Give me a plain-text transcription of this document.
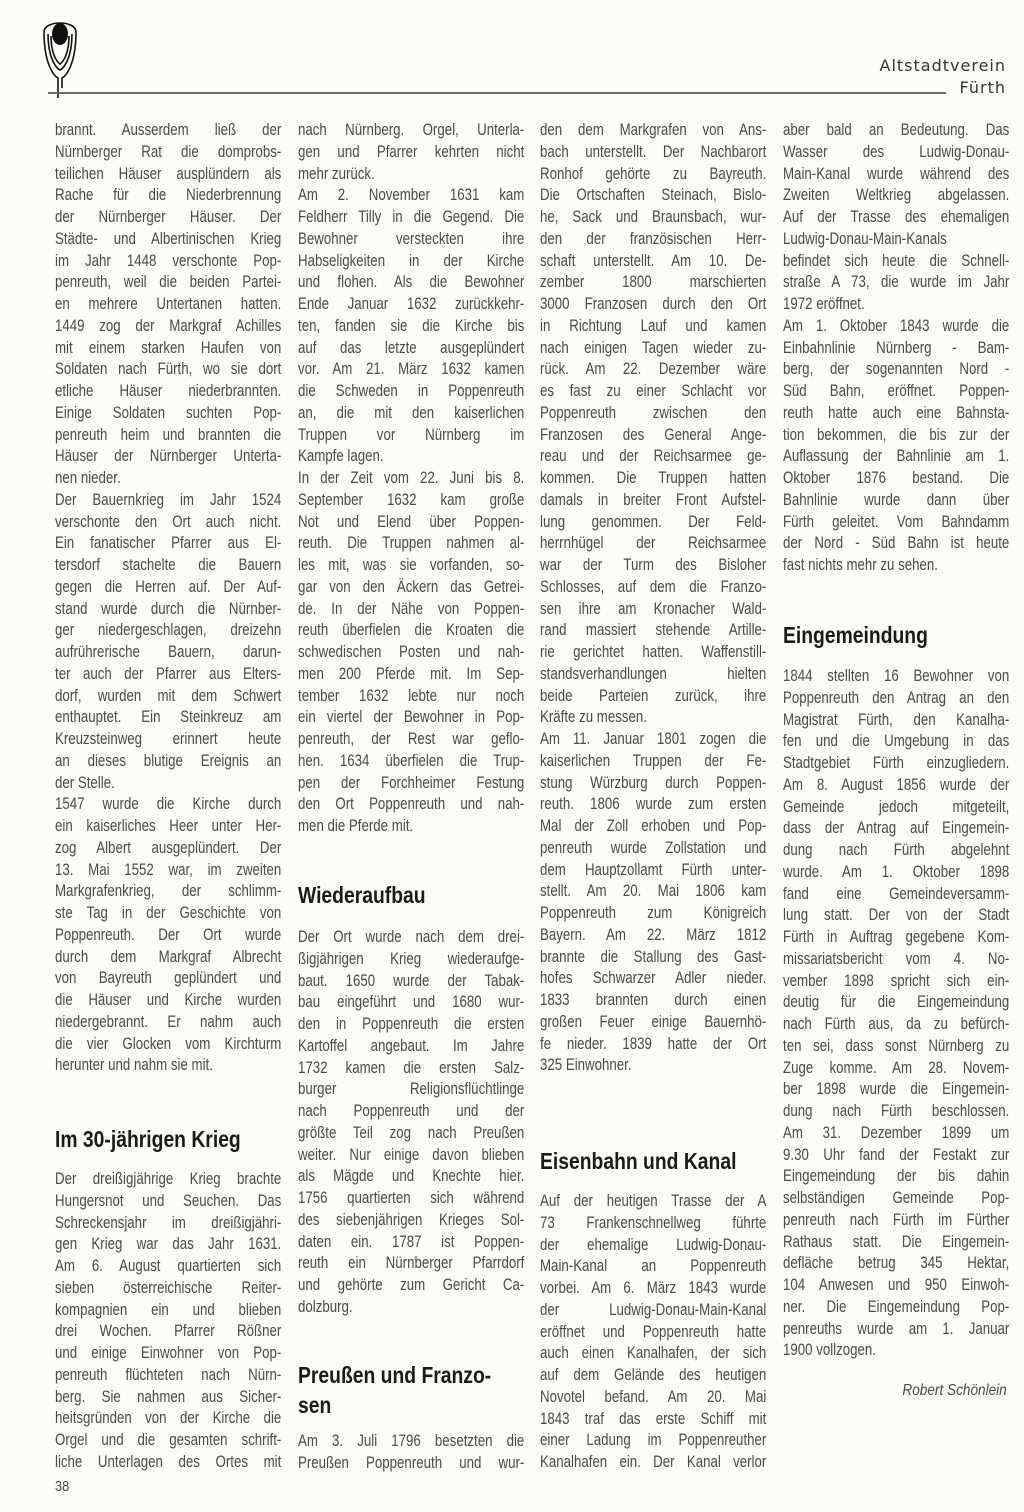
Altstadtverein
Fürth
brannt. Ausserdem ließ der
Nürnberger Rat die domprobs-
teilichen Häuser ausplündern als
Rache für die Niederbrennung
der Nürnberger Häuser. Der
Städte- und Albertinischen Krieg
im Jahr 1448 verschonte Pop-
penreuth, weil die beiden Partei-
en mehrere Untertanen hatten.
1449 zog der Markgraf Achilles
mit einem starken Haufen von
Soldaten nach Fürth, wo sie dort
etliche Häuser niederbrannten.
Einige Soldaten suchten Pop-
penreuth heim und brannten die
Häuser der Nürnberger Unterta-
nen nieder.
Der Bauernkrieg im Jahr 1524
verschonte den Ort auch nicht.
Ein fanatischer Pfarrer aus El-
tersdorf stachelte die Bauern
gegen die Herren auf. Der Auf-
stand wurde durch die Nürnber-
ger niedergeschlagen, dreizehn
aufrührerische Bauern, darun-
ter auch der Pfarrer aus Elters-
dorf, wurden mit dem Schwert
enthauptet. Ein Steinkreuz am
Kreuzsteinweg erinnert heute
an dieses blutige Ereignis an
der Stelle.
1547 wurde die Kirche durch
ein kaiserliches Heer unter Her-
zog Albert ausgeplündert. Der
13. Mai 1552 war, im zweiten
Markgrafenkrieg, der schlimm-
ste Tag in der Geschichte von
Poppenreuth. Der Ort wurde
durch dem Markgraf Albrecht
von Bayreuth geplündert und
die Häuser und Kirche wurden
niedergebrannt. Er nahm auch
die vier Glocken vom Kirchturm
herunter und nahm sie mit.
Im 30-jährigen Krieg
Der dreißigjährige Krieg brachte
Hungersnot und Seuchen. Das
Schreckensjahr im dreißigjähri-
gen Krieg war das Jahr 1631.
Am 6. August quartierten sich
sieben österreichische Reiter-
kompagnien ein und blieben
drei Wochen. Pfarrer Rößner
und einige Einwohner von Pop-
penreuth flüchteten nach Nürn-
berg. Sie nahmen aus Sicher-
heitsgründen von der Kirche die
Orgel und die gesamten schrift-
liche Unterlagen des Ortes mit
nach Nürnberg. Orgel, Unterla-
gen und Pfarrer kehrten nicht
mehr zurück.
Am 2. November 1631 kam
Feldherr Tilly in die Gegend. Die
Bewohner versteckten ihre
Habseligkeiten in der Kirche
und flohen. Als die Bewohner
Ende Januar 1632 zurückkehr-
ten, fanden sie die Kirche bis
auf das letzte ausgeplündert
vor. Am 21. März 1632 kamen
die Schweden in Poppenreuth
an, die mit den kaiserlichen
Truppen vor Nürnberg im
Kampfe lagen.
In der Zeit vom 22. Juni bis 8.
September 1632 kam große
Not und Elend über Poppen-
reuth. Die Truppen nahmen al-
les mit, was sie vorfanden, so-
gar von den Äckern das Getrei-
de. In der Nähe von Poppen-
reuth überfielen die Kroaten die
schwedischen Posten und nah-
men 200 Pferde mit. Im Sep-
tember 1632 lebte nur noch
ein viertel der Bewohner in Pop-
penreuth, der Rest war geflo-
hen. 1634 überfielen die Trup-
pen der Forchheimer Festung
den Ort Poppenreuth und nah-
men die Pferde mit.
Wiederaufbau
Der Ort wurde nach dem drei-
ßigjährigen Krieg wiederaufge-
baut. 1650 wurde der Tabak-
bau eingeführt und 1680 wur-
den in Poppenreuth die ersten
Kartoffel angebaut. Im Jahre
1732 kamen die ersten Salz-
burger Religionsflüchtlinge
nach Poppenreuth und der
größte Teil zog nach Preußen
weiter. Nur einige davon blieben
als Mägde und Knechte hier.
1756 quartierten sich während
des siebenjährigen Krieges Sol-
daten ein. 1787 ist Poppen-
reuth ein Nürnberger Pfarrdorf
und gehörte zum Gericht Ca-
dolzburg.
Preußen und Franzo-
sen
Am 3. Juli 1796 besetzten die
Preußen Poppenreuth und wur-
den dem Markgrafen von Ans-
bach unterstellt. Der Nachbarort
Ronhof gehörte zu Bayreuth.
Die Ortschaften Steinach, Bislo-
he, Sack und Braunsbach, wur-
den der französischen Herr-
schaft unterstellt. Am 10. De-
zember 1800 marschierten
3000 Franzosen durch den Ort
in Richtung Lauf und kamen
nach einigen Tagen wieder zu-
rück. Am 22. Dezember wäre
es fast zu einer Schlacht vor
Poppenreuth zwischen den
Franzosen des General Ange-
reau und der Reichsarmee ge-
kommen. Die Truppen hatten
damals in breiter Front Aufstel-
lung genommen. Der Feld-
herrnhügel der Reichsarmee
war der Turm des Bisloher
Schlosses, auf dem die Franzo-
sen ihre am Kronacher Wald-
rand massiert stehende Artille-
rie gerichtet hatten. Waffenstill-
standsverhandlungen hielten
beide Parteien zurück, ihre
Kräfte zu messen.
Am 11. Januar 1801 zogen die
kaiserlichen Truppen der Fe-
stung Würzburg durch Poppen-
reuth. 1806 wurde zum ersten
Mal der Zoll erhoben und Pop-
penreuth wurde Zollstation und
dem Hauptzollamt Fürth unter-
stellt. Am 20. Mai 1806 kam
Poppenreuth zum Königreich
Bayern. Am 22. März 1812
brannte die Stallung des Gast-
hofes Schwarzer Adler nieder.
1833 brannten durch einen
großen Feuer einige Bauernhö-
fe nieder. 1839 hatte der Ort
325 Einwohner.
Eisenbahn und Kanal
Auf der heutigen Trasse der A
73 Frankenschnellweg führte
der ehemalige Ludwig-Donau-
Main-Kanal an Poppenreuth
vorbei. Am 6. März 1843 wurde
der Ludwig-Donau-Main-Kanal
eröffnet und Poppenreuth hatte
auch einen Kanalhafen, der sich
auf dem Gelände des heutigen
Novotel befand. Am 20. Mai
1843 traf das erste Schiff mit
einer Ladung im Poppenreuther
Kanalhafen ein. Der Kanal verlor
aber bald an Bedeutung. Das
Wasser des Ludwig-Donau-
Main-Kanal wurde während des
Zweiten Weltkrieg abgelassen.
Auf der Trasse des ehemaligen
Ludwig-Donau-Main-Kanals
befindet sich heute die Schnell-
straße A 73, die wurde im Jahr
1972 eröffnet.
Am 1. Oktober 1843 wurde die
Einbahnlinie Nürnberg - Bam-
berg, der sogenannten Nord -
Süd Bahn, eröffnet. Poppen-
reuth hatte auch eine Bahnsta-
tion bekommen, die bis zur der
Auflassung der Bahnlinie am 1.
Oktober 1876 bestand. Die
Bahnlinie wurde dann über
Fürth geleitet. Vom Bahndamm
der Nord - Süd Bahn ist heute
fast nichts mehr zu sehen.
Eingemeindung
1844 stellten 16 Bewohner von
Poppenreuth den Antrag an den
Magistrat Fürth, den Kanalha-
fen und die Umgebung in das
Stadtgebiet Fürth einzugliedern.
Am 8. August 1856 wurde der
Gemeinde jedoch mitgeteilt,
dass der Antrag auf Eingemein-
dung nach Fürth abgelehnt
wurde. Am 1. Oktober 1898
fand eine Gemeindeversamm-
lung statt. Der von der Stadt
Fürth in Auftrag gegebene Kom-
missariatsbericht vom 4. No-
vember 1898 spricht sich ein-
deutig für die Eingemeindung
nach Fürth aus, da zu befürch-
ten sei, dass sonst Nürnberg zu
Zuge komme. Am 28. Novem-
ber 1898 wurde die Eingemein-
dung nach Fürth beschlossen.
Am 31. Dezember 1899 um
9.30 Uhr fand der Festakt zur
Eingemeindung der bis dahin
selbständigen Gemeinde Pop-
penreuth nach Fürth im Fürther
Rathaus statt. Die Eingemein-
defläche betrug 345 Hektar,
104 Anwesen und 950 Einwoh-
ner. Die Eingemeindung Pop-
penreuths wurde am 1. Januar
1900 vollzogen.
Robert Schönlein
38
